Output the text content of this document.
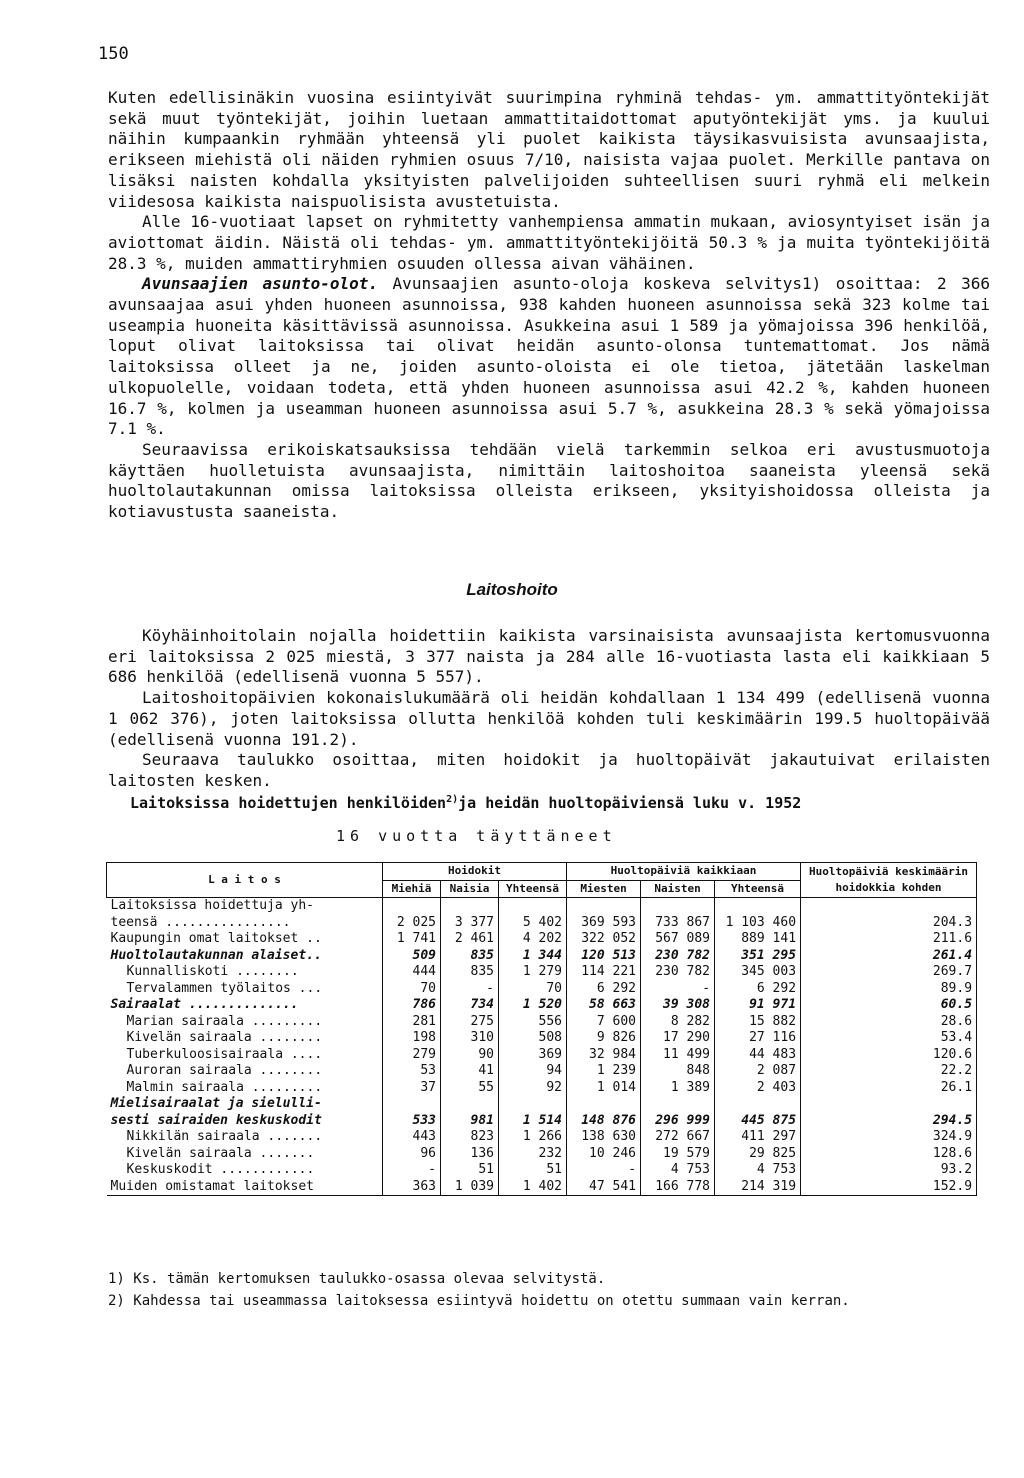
150

Kuten edellisinäkin vuosina esiintyivät suurimpina ryhminä tehdas- ym. ammattityöntekijät sekä muut työntekijät, joihin luetaan ammattitaidottomat aputyöntekijät yms. ja kuului näihin kumpaankin ryhmään yhteensä yli puolet kaikista täysikasvuisista avunsaajista, erikseen miehistä oli näiden ryhmien osuus 7/10, naisista vajaa puolet. Merkille pantava on lisäksi naisten kohdalla yksityisten palvelijoiden suhteellisen suuri ryhmä eli melkein viidesosa kaikista naispuolisista avustetuista.

Alle 16-vuotiaat lapset on ryhmitetty vanhempiensa ammatin mukaan, aviosyntyiset isän ja aviottomat äidin. Näistä oli tehdas- ym. ammattityöntekijöitä 50.3 % ja muita työntekijöitä 28.3 %, muiden ammattiryhmien osuuden ollessa aivan vähäinen.

Avunsaajien asunto-olot. Avunsaajien asunto-oloja koskeva selvitys1) osoittaa: 2 366 avunsaajaa asui yhden huoneen asunnoissa, 938 kahden huoneen asunnoissa sekä 323 kolme tai useampia huoneita käsittävissä asunnoissa. Asukkeina asui 1 589 ja yömajoissa 396 henkilöä, loput olivat laitoksissa tai olivat heidän asunto-olonsa tuntemattomat. Jos nämä laitoksissa olleet ja ne, joiden asunto-oloista ei ole tietoa, jätetään laskelman ulkopuolelle, voidaan todeta, että yhden huoneen asunnoissa asui 42.2 %, kahden huoneen 16.7 %, kolmen ja useamman huoneen asunnoissa asui 5.7 %, asukkeina 28.3 % sekä yömajoissa 7.1 %.

Seuraavissa erikoiskatsauksissa tehdään vielä tarkemmin selkoa eri avustusmuotoja käyttäen huolletuista avunsaajista, nimittäin laitoshoitoa saaneista yleensä sekä huoltolautakunnan omissa laitoksissa olleista erikseen, yksityishoidossa olleista ja kotiavustusta saaneista.

Laitoshoito

Köyhäinhoitolain nojalla hoidettiin kaikista varsinaisista avunsaajista kertomusvuonna eri laitoksissa 2 025 miestä, 3 377 naista ja 284 alle 16-vuotiasta lasta eli kaikkiaan 5 686 henkilöä (edellisenä vuonna 5 557).

Laitoshoitopäivien kokonaislukumäärä oli heidän kohdallaan 1 134 499 (edellisenä vuonna 1 062 376), joten laitoksissa ollutta henkilöä kohden tuli keskimäärin 199.5 huoltopäivää (edellisenä vuonna 191.2).

Seuraava taulukko osoittaa, miten hoidokit ja huoltopäivät jakautuivat erilaisten laitosten kesken.

Laitoksissa hoidettujen henkilöiden$^{2)}$ja heidän huoltopäiviensä luku v. 1952
16 vuotta täyttäneet
L a i t o s	Hoidokit			Huoltopäiviä kaikkiaan			Huoltopäiviä keskimäärin hoidokkia kohden
	Miehiä	Naisia	Yhteensä	Miesten	Naisten	Yhteensä	
Laitoksissa hoidettuja yh-							
teensä ................	2 025	3 377	5 402	369 593	733 867	1 103 460	204.3
Kaupungin omat laitokset ..	1 741	2 461	4 202	322 052	567 089	889 141	211.6
Huoltolautakunnan alaiset..	509	835	1 344	120 513	230 782	351 295	261.4
Kunnalliskoti ........	444	835	1 279	114 221	230 782	345 003	269.7
Tervalammen työlaitos ...	70	-	70	6 292	-	6 292	89.9
Sairaalat ..............	786	734	1 520	58 663	39 308	91 971	60.5
Marian sairaala .........	281	275	556	7 600	8 282	15 882	28.6
Kivelän sairaala ........	198	310	508	9 826	17 290	27 116	53.4
Tuberkuloosisairaala ....	279	90	369	32 984	11 499	44 483	120.6
Auroran sairaala ........	53	41	94	1 239	848	2 087	22.2
Malmin sairaala .........	37	55	92	1 014	1 389	2 403	26.1
Mielisairaalat ja sielulli-							
sesti sairaiden keskuskodit	533	981	1 514	148 876	296 999	445 875	294.5
Nikkilän sairaala .......	443	823	1 266	138 630	272 667	411 297	324.9
Kivelän sairaala .......	96	136	232	10 246	19 579	29 825	128.6
Keskuskodit ............	-	51	51	-	4 753	4 753	93.2
Muiden omistamat laitokset	363	1 039	1 402	47 541	166 778	214 319	152.9
1) Ks. tämän kertomuksen taulukko-osassa olevaa selvitystä.
2) Kahdessa tai useammassa laitoksessa esiintyvä hoidettu on otettu summaan vain kerran.
